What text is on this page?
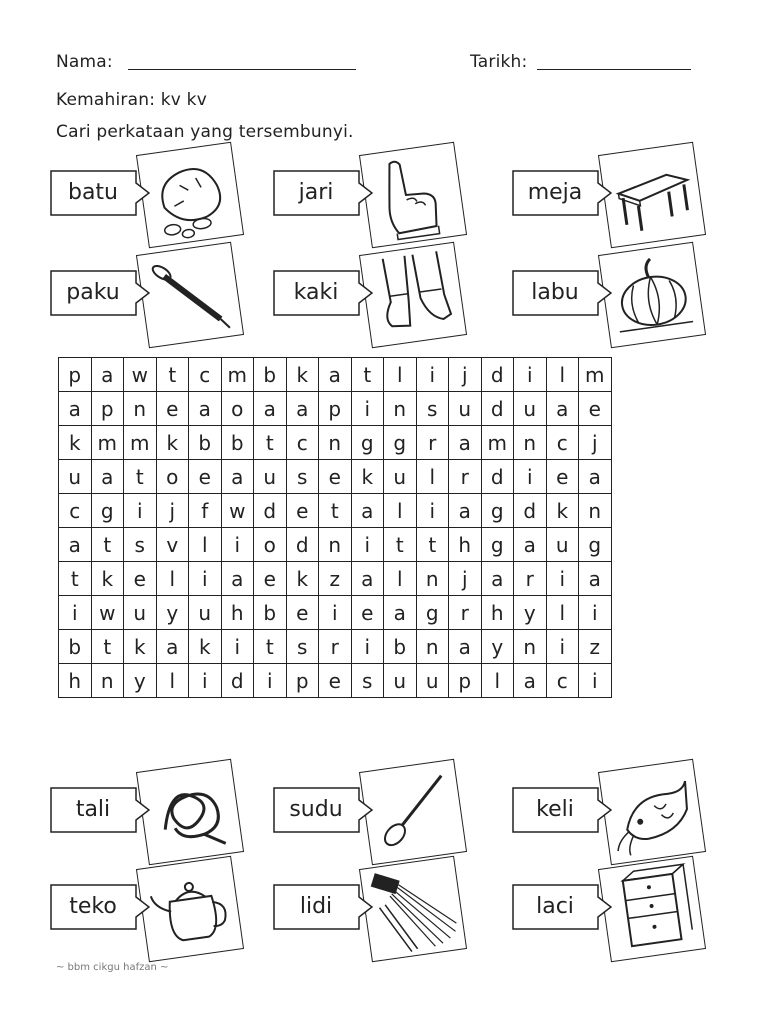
Nama:	Tarikh:
Kemahiran: kv kv
Cari perkataan yang tersembunyi.
batu	jari	meja
paku	kaki	labu
p	a	w	t	c	m	b	k	a	t	l	i	j	d	i	l	m
a	p	n	e	a	o	a	a	p	i	n	s	u	d	u	a	e
k	m	m	k	b	b	t	c	n	g	g	r	a	m	n	c	j
u	a	t	o	e	a	u	s	e	k	u	l	r	d	i	e	a
c	g	i	j	f	w	d	e	t	a	l	i	a	g	d	k	n
a	t	s	v	l	i	o	d	n	i	t	t	h	g	a	u	g
t	k	e	l	i	a	e	k	z	a	l	n	j	a	r	i	a
i	w	u	y	u	h	b	e	i	e	a	g	r	h	y	l	i
b	t	k	a	k	i	t	s	r	i	b	n	a	y	n	i	z
h	n	y	l	i	d	i	p	e	s	u	u	p	l	a	c	i
tali	sudu	keli
teko	lidi	laci
~ bbm cikgu hafzan ~
